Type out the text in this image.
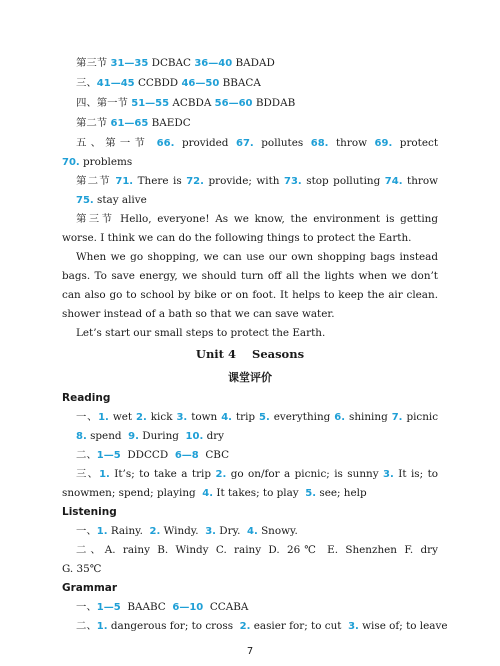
第三节 31—35 DCBAC 36—40 BADAD
三、41—45 CCBDD 46—50 BBACA
四、第一节 51—55 ACBDA 56—60 BDDAB
第二节 61—65 BAEDC
五、第一节 66. provided 67. pollutes 68. throw 69. protect
70. problems
第二节 71. There is 72. provide; with 73. stop polluting 74. throw
75. stay alive
第三节 Hello, everyone! As we know, the environment is getting
worse. I think we can do the following things to protect the Earth.
When we go shopping, we can use our own shopping bags instead
bags. To save energy, we should turn off all the lights when we don’t
can also go to school by bike or on foot. It helps to keep the air clean.
shower instead of a bath so that we can save water.
Let’s start our small steps to protect the Earth.
Unit 4    Seasons
课堂评价
Reading
一、1. wet 2. kick 3. town 4. trip 5. everything 6. shining 7. picnic
8. spend 9. During 10. dry
二、1—5 DDCCD 6—8 CBC
三、1. It’s; to take a trip 2. go on/for a picnic; is sunny 3. It is; to
snowmen; spend; playing 4. It takes; to play 5. see; help
Listening
一、1. Rainy. 2. Windy. 3. Dry. 4. Snowy.
二、A. rainy B. Windy C. rainy D. 26℃ E. Shenzhen F. dry
G. 35℃
Grammar
一、1—5 BAABC 6—10 CCABA
二、1. dangerous for; to cross 2. easier for; to cut 3. wise of; to leave
7
